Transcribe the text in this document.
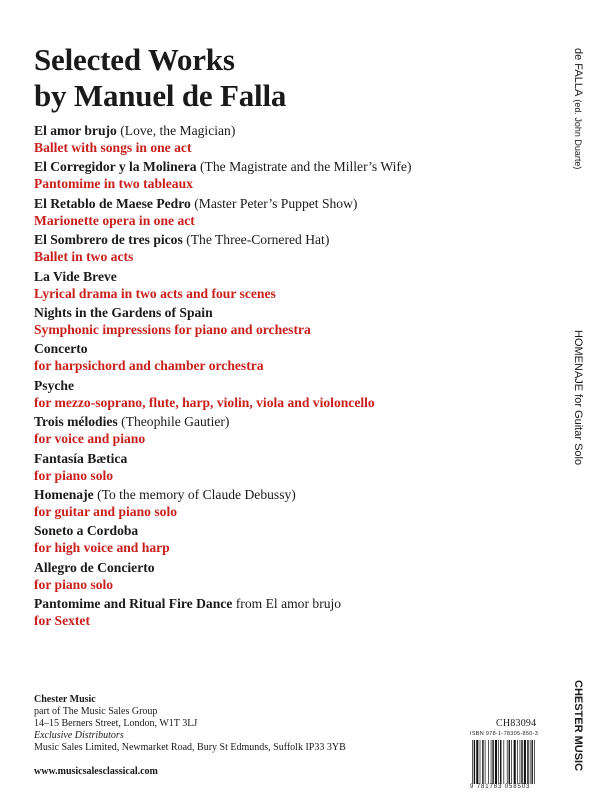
Selected Works
by Manuel de Falla
El amor brujo (Love, the Magician)
Ballet with songs in one act
El Corregidor y la Molinera (The Magistrate and the Miller’s Wife)
Pantomime in two tableaux
El Retablo de Maese Pedro (Master Peter’s Puppet Show)
Marionette opera in one act
El Sombrero de tres picos (The Three-Cornered Hat)
Ballet in two acts
La Vide Breve
Lyrical drama in two acts and four scenes
Nights in the Gardens of Spain
Symphonic impressions for piano and orchestra
Concerto
for harpsichord and chamber orchestra
Psyche
for mezzo-soprano, flute, harp, violin, viola and violoncello
Trois mélodies (Theophile Gautier)
for voice and piano
Fantasía Bætica
for piano solo
Homenaje (To the memory of Claude Debussy)
for guitar and piano solo
Soneto a Cordoba
for high voice and harp
Allegro de Concierto
for piano solo
Pantomime and Ritual Fire Dance from El amor brujo
for Sextet
Chester Music
part of The Music Sales Group
14–15 Berners Street, London, W1T 3LJ
Exclusive Distributors
Music Sales Limited, Newmarket Road, Bury St Edmunds, Suffolk IP33 3YB
www.musicsalesclassical.com
de FALLA (ed. John Duarte)
HOMENAJE for Guitar Solo
CHESTER MUSIC
CH83094
ISBN 978-1-78305-850-3
9 781783 058503
